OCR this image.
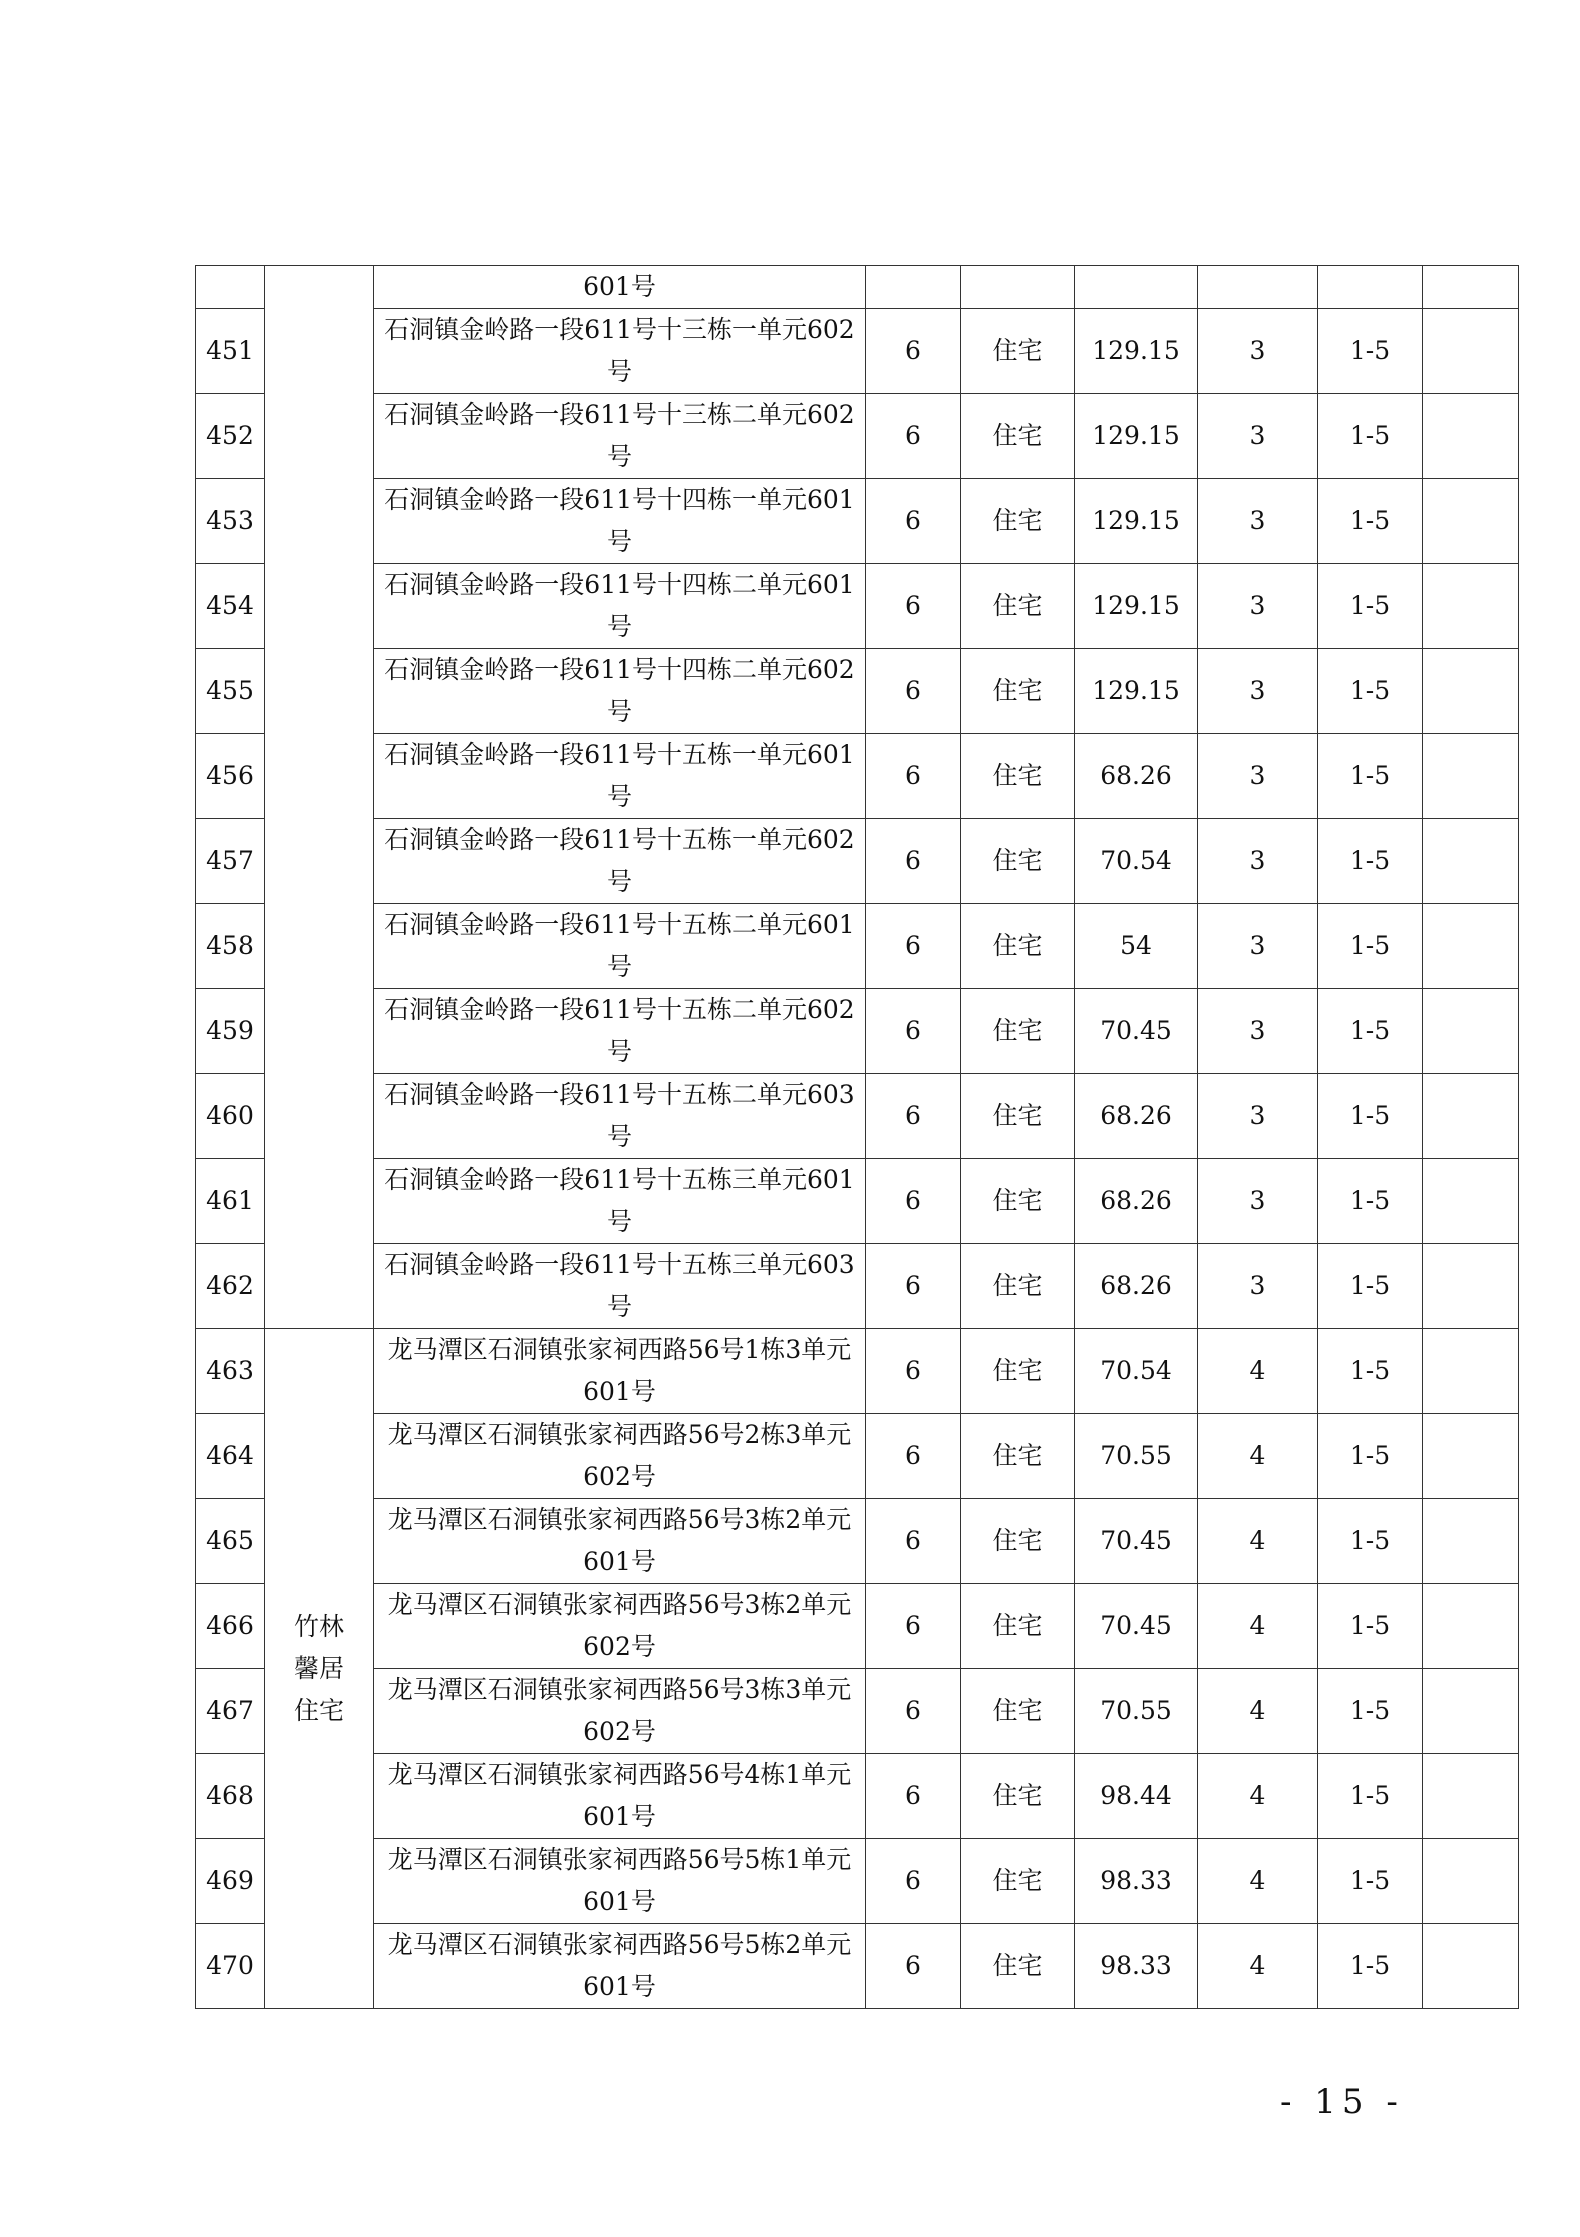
		601号						
451		石洞镇金岭路一段611号十三栋一单元602号	6	住宅	129.15	3	1-5	
452		石洞镇金岭路一段611号十三栋二单元602号	6	住宅	129.15	3	1-5	
453		石洞镇金岭路一段611号十四栋一单元601号	6	住宅	129.15	3	1-5	
454		石洞镇金岭路一段611号十四栋二单元601号	6	住宅	129.15	3	1-5	
455		石洞镇金岭路一段611号十四栋二单元602号	6	住宅	129.15	3	1-5	
456		石洞镇金岭路一段611号十五栋一单元601号	6	住宅	68.26	3	1-5	
457		石洞镇金岭路一段611号十五栋一单元602号	6	住宅	70.54	3	1-5	
458		石洞镇金岭路一段611号十五栋二单元601号	6	住宅	54	3	1-5	
459		石洞镇金岭路一段611号十五栋二单元602号	6	住宅	70.45	3	1-5	
460		石洞镇金岭路一段611号十五栋二单元603号	6	住宅	68.26	3	1-5	
461		石洞镇金岭路一段611号十五栋三单元601号	6	住宅	68.26	3	1-5	
462		石洞镇金岭路一段611号十五栋三单元603号	6	住宅	68.26	3	1-5	
463	竹林馨居住宅	龙马潭区石洞镇张家祠西路56号1栋3单元601号	6	住宅	70.54	4	1-5	
464		龙马潭区石洞镇张家祠西路56号2栋3单元602号	6	住宅	70.55	4	1-5	
465		龙马潭区石洞镇张家祠西路56号3栋2单元601号	6	住宅	70.45	4	1-5	
466		龙马潭区石洞镇张家祠西路56号3栋2单元602号	6	住宅	70.45	4	1-5	
467		龙马潭区石洞镇张家祠西路56号3栋3单元602号	6	住宅	70.55	4	1-5	
468		龙马潭区石洞镇张家祠西路56号4栋1单元601号	6	住宅	98.44	4	1-5	
469		龙马潭区石洞镇张家祠西路56号5栋1单元601号	6	住宅	98.33	4	1-5	
470		龙马潭区石洞镇张家祠西路56号5栋2单元601号	6	住宅	98.33	4	1-5	
- 15 -
